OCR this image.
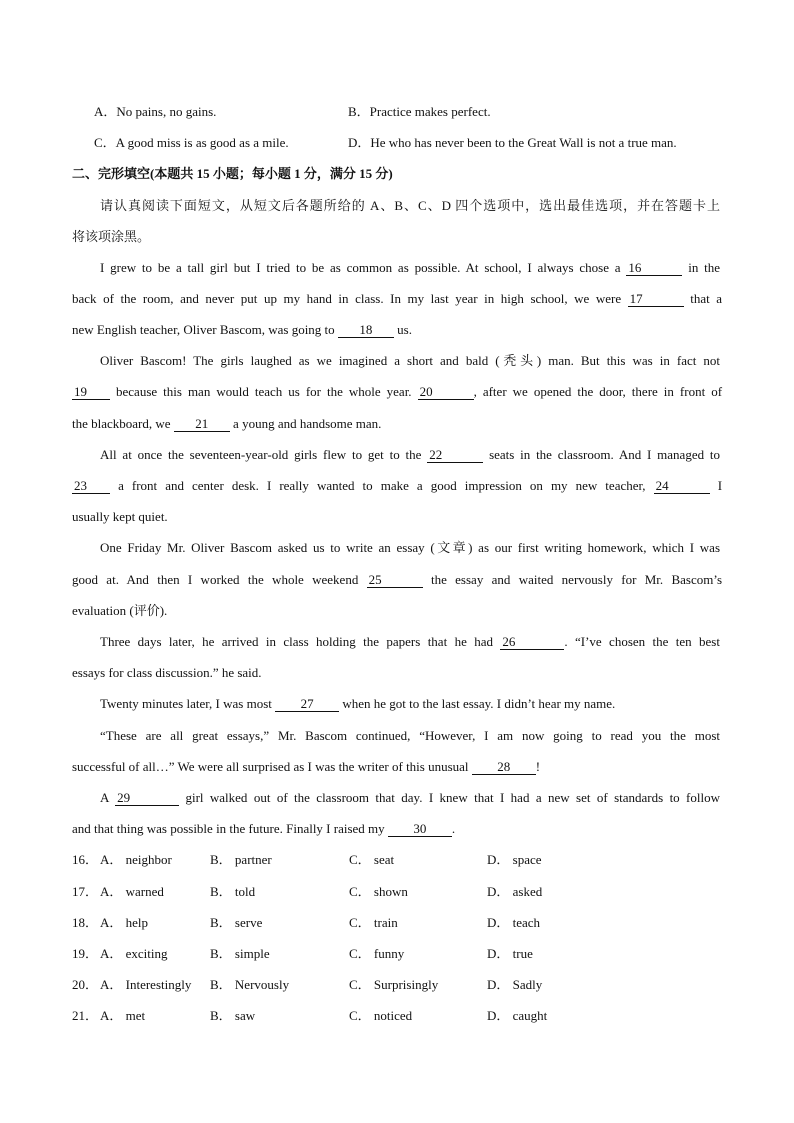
A．No pains, no gains.	B．Practice makes perfect.
C．A good miss is as good as a mile.	D．He who has never been to the Great Wall is not a true man.
二、完形填空(本题共 15 小题；每小题 1 分，满分 15 分)
请认真阅读下面短文，从短文后各题所给的 A、B、C、D 四个选项中，选出最佳选项，并在答题卡上
将该项涂黑。
I grew to be a tall girl but I tried to be as common as possible. At school, I always chose a 16	in the
back of the room, and never put up my hand in class. In my last year in high school, we were 17	that a
new English teacher, Oliver Bascom, was going to 18 us.
Oliver Bascom! The girls laughed as we imagined a short and bald (秃头) man. But this was in fact not
19 because this man would teach us for the whole year. 20	, after we opened the door, there in front of
the blackboard, we 21 a young and handsome man.
All at once the seventeen-year-old girls flew to get to the 22	seats in the classroom. And I managed to
23 a front and center desk. I really wanted to make a good impression on my new teacher, 24	I
usually kept quiet.
One Friday Mr. Oliver Bascom asked us to write an essay (文章) as our first writing homework, which I was
good at. And then I worked the whole weekend 25	the essay and waited nervously for Mr. Bascom’s
evaluation (评价).
Three days later, he arrived in class holding the papers that he had 26	. “I’ve chosen the ten best
essays for class discussion.” he said.
Twenty minutes later, I was most 27 when he got to the last essay. I didn’t hear my name.
“These are all great essays,” Mr. Bascom continued, “However, I am now going to read you the most
successful of all…” We were all surprised as I was the writer of this unusual 28 !
A 29	girl walked out of the classroom that day. I knew that I had a new set of standards to follow
and that thing was possible in the future. Finally I raised my 30 .
16． A． neighbor	B． partner	C． seat	D． space
17． A． warned	B． told	C． shown	D． asked
18． A． help	B． serve	C． train	D． teach
19． A． exciting	B． simple	C． funny	D． true
20． A． Interestingly B． Nervously	C． Surprisingly	D． Sadly
21． A． met	B． saw	C． noticed	D． caught
